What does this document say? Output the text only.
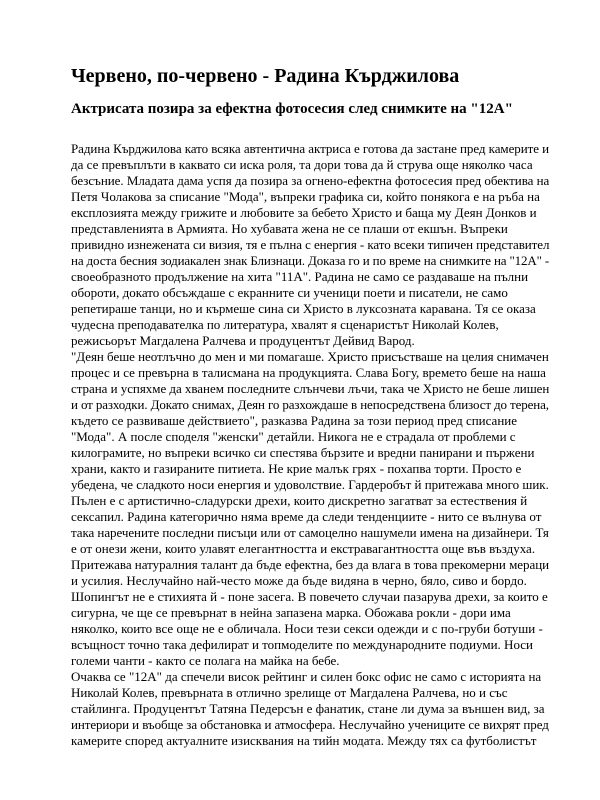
Червено, по-червено - Радина Кърджилова
Актрисата позира за ефектна фотосесия след снимките на "12А"
Радина Кърджилова като всяка автентична актриса е готова да застане пред камерите и
да се превъплъти в каквато си иска роля, та дори това да й струва още няколко часа
безсъние. Младата дама успя да позира за огнено-ефектна фотосесия пред обектива на
Петя Чолакова за списание "Мода", въпреки графика си, който понякога е на ръба на
експлозията между грижите и любовите за бебето Христо и баща му Деян Донков и
представленията в Армията. Но хубавата жена не се плаши от екшън. Въпреки
привидно изнежената си визия, тя е пълна с енергия - като всеки типичен представител
на доста бесния зодиакален знак Близнаци. Доказа го и по време на снимките на "12А" -
своеобразното продължение на хита "11А". Радина не само се раздаваше на пълни
обороти, докато обсъждаше с екранните си ученици поети и писатели, не само
репетираше танци, но и кърмеше сина си Христо в луксозната каравана. Тя се оказа
чудесна преподавателка по литература, хвалят я сценаристът Николай Колев,
режисьорът Магдалена Ралчева и продуцентът Дейвид Варод.
"Деян беше неотлъчно до мен и ми помагаше. Христо присъстваше на целия снимачен
процес и се превърна в талисмана на продукцията. Слава Богу, времето беше на наша
страна и успяхме да хванем последните слънчеви лъчи, така че Христо не беше лишен
и от разходки. Докато снимах, Деян го разхождаше в непосредствена близост до терена,
където се развиваше действието", разказва Радина за този период пред списание
"Мода". А после споделя "женски" детайли. Никога не е страдала от проблеми с
килограмите, но въпреки всичко си спестява бързите и вредни панирани и пържени
храни, както и газираните питиета. Не крие малък грях - похапва торти. Просто е
убедена, че сладкото носи енергия и удоволствие. Гардеробът й притежава много шик.
Пълен е с артистично-сладурски дрехи, които дискретно загатват за естествения й
сексапил. Радина категорично няма време да следи тенденциите - нито се вълнува от
така наречените последни писъци или от самоцелно нашумели имена на дизайнери. Тя
е от онези жени, които улавят елегантността и екстравагантността още във въздуха.
Притежава натуралния талант да бъде ефектна, без да влага в това прекомерни мераци
и усилия. Неслучайно най-често може да бъде видяна в черно, бяло, сиво и бордо.
Шопингът не е стихията й - поне засега. В повечето случаи пазарува дрехи, за които е
сигурна, че ще се превърнат в нейна запазена марка. Обожава рокли - дори има
няколко, които все още не е обличала. Носи тези секси одежди и с по-груби ботуши -
всъщност точно така дефилират и топмоделите по международните подиуми. Носи
големи чанти - както се полага на майка на бебе.
Очаква се "12А" да спечели висок рейтинг и силен бокс офис не само с историята на
Николай Колев, превърната в отлично зрелище от Магдалена Ралчева, но и със
стайлинга. Продуцентът Татяна Педерсън е фанатик, стане ли дума за външен вид, за
интериори и въобще за обстановка и атмосфера. Неслучайно учениците се вихрят пред
камерите според актуалните изисквания на тийн модата. Между тях са футболистът
